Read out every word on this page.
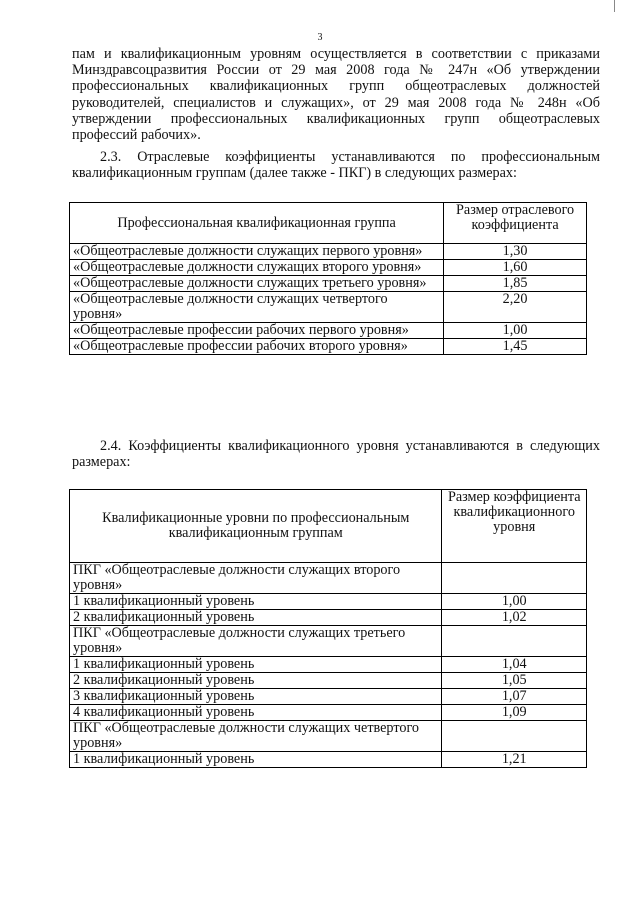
3

пам и квалификационным уровням осуществляется в соответствии с приказами Минздравсоцразвития России от 29 мая 2008 года № 247н «Об утверждении профессиональных квалификационных групп общеотраслевых должностей руководителей, специалистов и служащих», от 29 мая 2008 года № 248н «Об утверждении профессиональных квалификационных групп общеотраслевых профессий рабочих».

2.3. Отраслевые коэффициенты устанавливаются по профессиональным квалификационным группам (далее также - ПКГ) в следующих размерах:

Профессиональная квалификационная группа	Размер отраслевого коэффициента
«Общеотраслевые должности служащих первого уровня»	1,30
«Общеотраслевые должности служащих второго уровня»	1,60
«Общеотраслевые должности служащих третьего уровня»	1,85
«Общеотраслевые должности служащих четвертого уровня»	2,20
«Общеотраслевые профессии рабочих первого уровня»	1,00
«Общеотраслевые профессии рабочих второго уровня»	1,45

2.4. Коэффициенты квалификационного уровня устанавливаются в следующих размерах:

Квалификационные уровни по профессиональным квалификационным группам	Размер коэффициента квалификационного уровня
ПКГ «Общеотраслевые должности служащих второго уровня»	
1 квалификационный уровень	1,00
2 квалификационный уровень	1,02
ПКГ «Общеотраслевые должности служащих третьего уровня»	
1 квалификационный уровень	1,04
2 квалификационный уровень	1,05
3 квалификационный уровень	1,07
4 квалификационный уровень	1,09
ПКГ «Общеотраслевые должности служащих четвертого уровня»	
1 квалификационный уровень	1,21
